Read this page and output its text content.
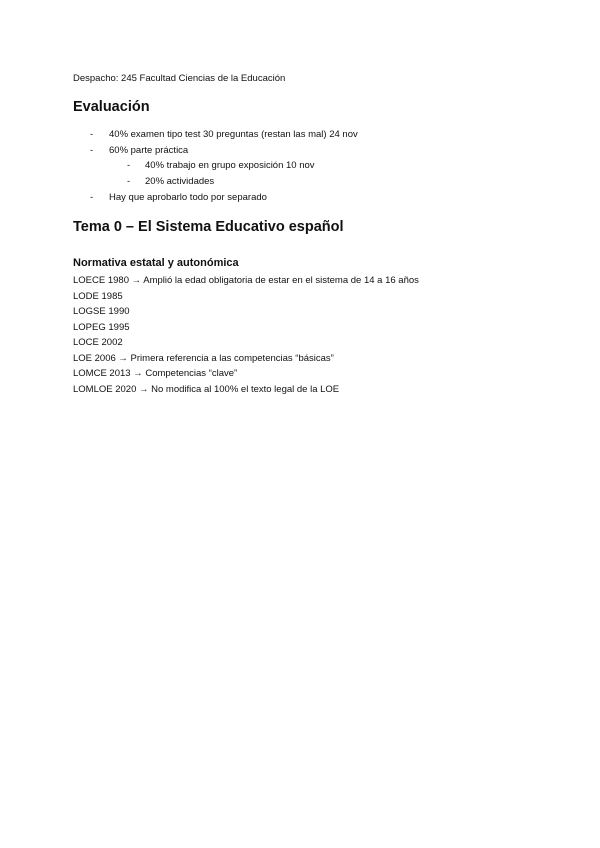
Despacho: 245 Facultad Ciencias de la Educación
Evaluación
- 40% examen tipo test 30 preguntas (restan las mal) 24 nov
- 60% parte práctica
- 40% trabajo en grupo exposición 10 nov
- 20% actividades
- Hay que aprobarlo todo por separado
Tema 0 – El Sistema Educativo español
Normativa estatal y autonómica
LOECE 1980 → Amplió la edad obligatoria de estar en el sistema de 14 a 16 años
LODE 1985
LOGSE 1990
LOPEG 1995
LOCE 2002
LOE 2006 → Primera referencia a las competencias “básicas”
LOMCE 2013 → Competencias “clave”
LOMLOE 2020 → No modifica al 100% el texto legal de la LOE
